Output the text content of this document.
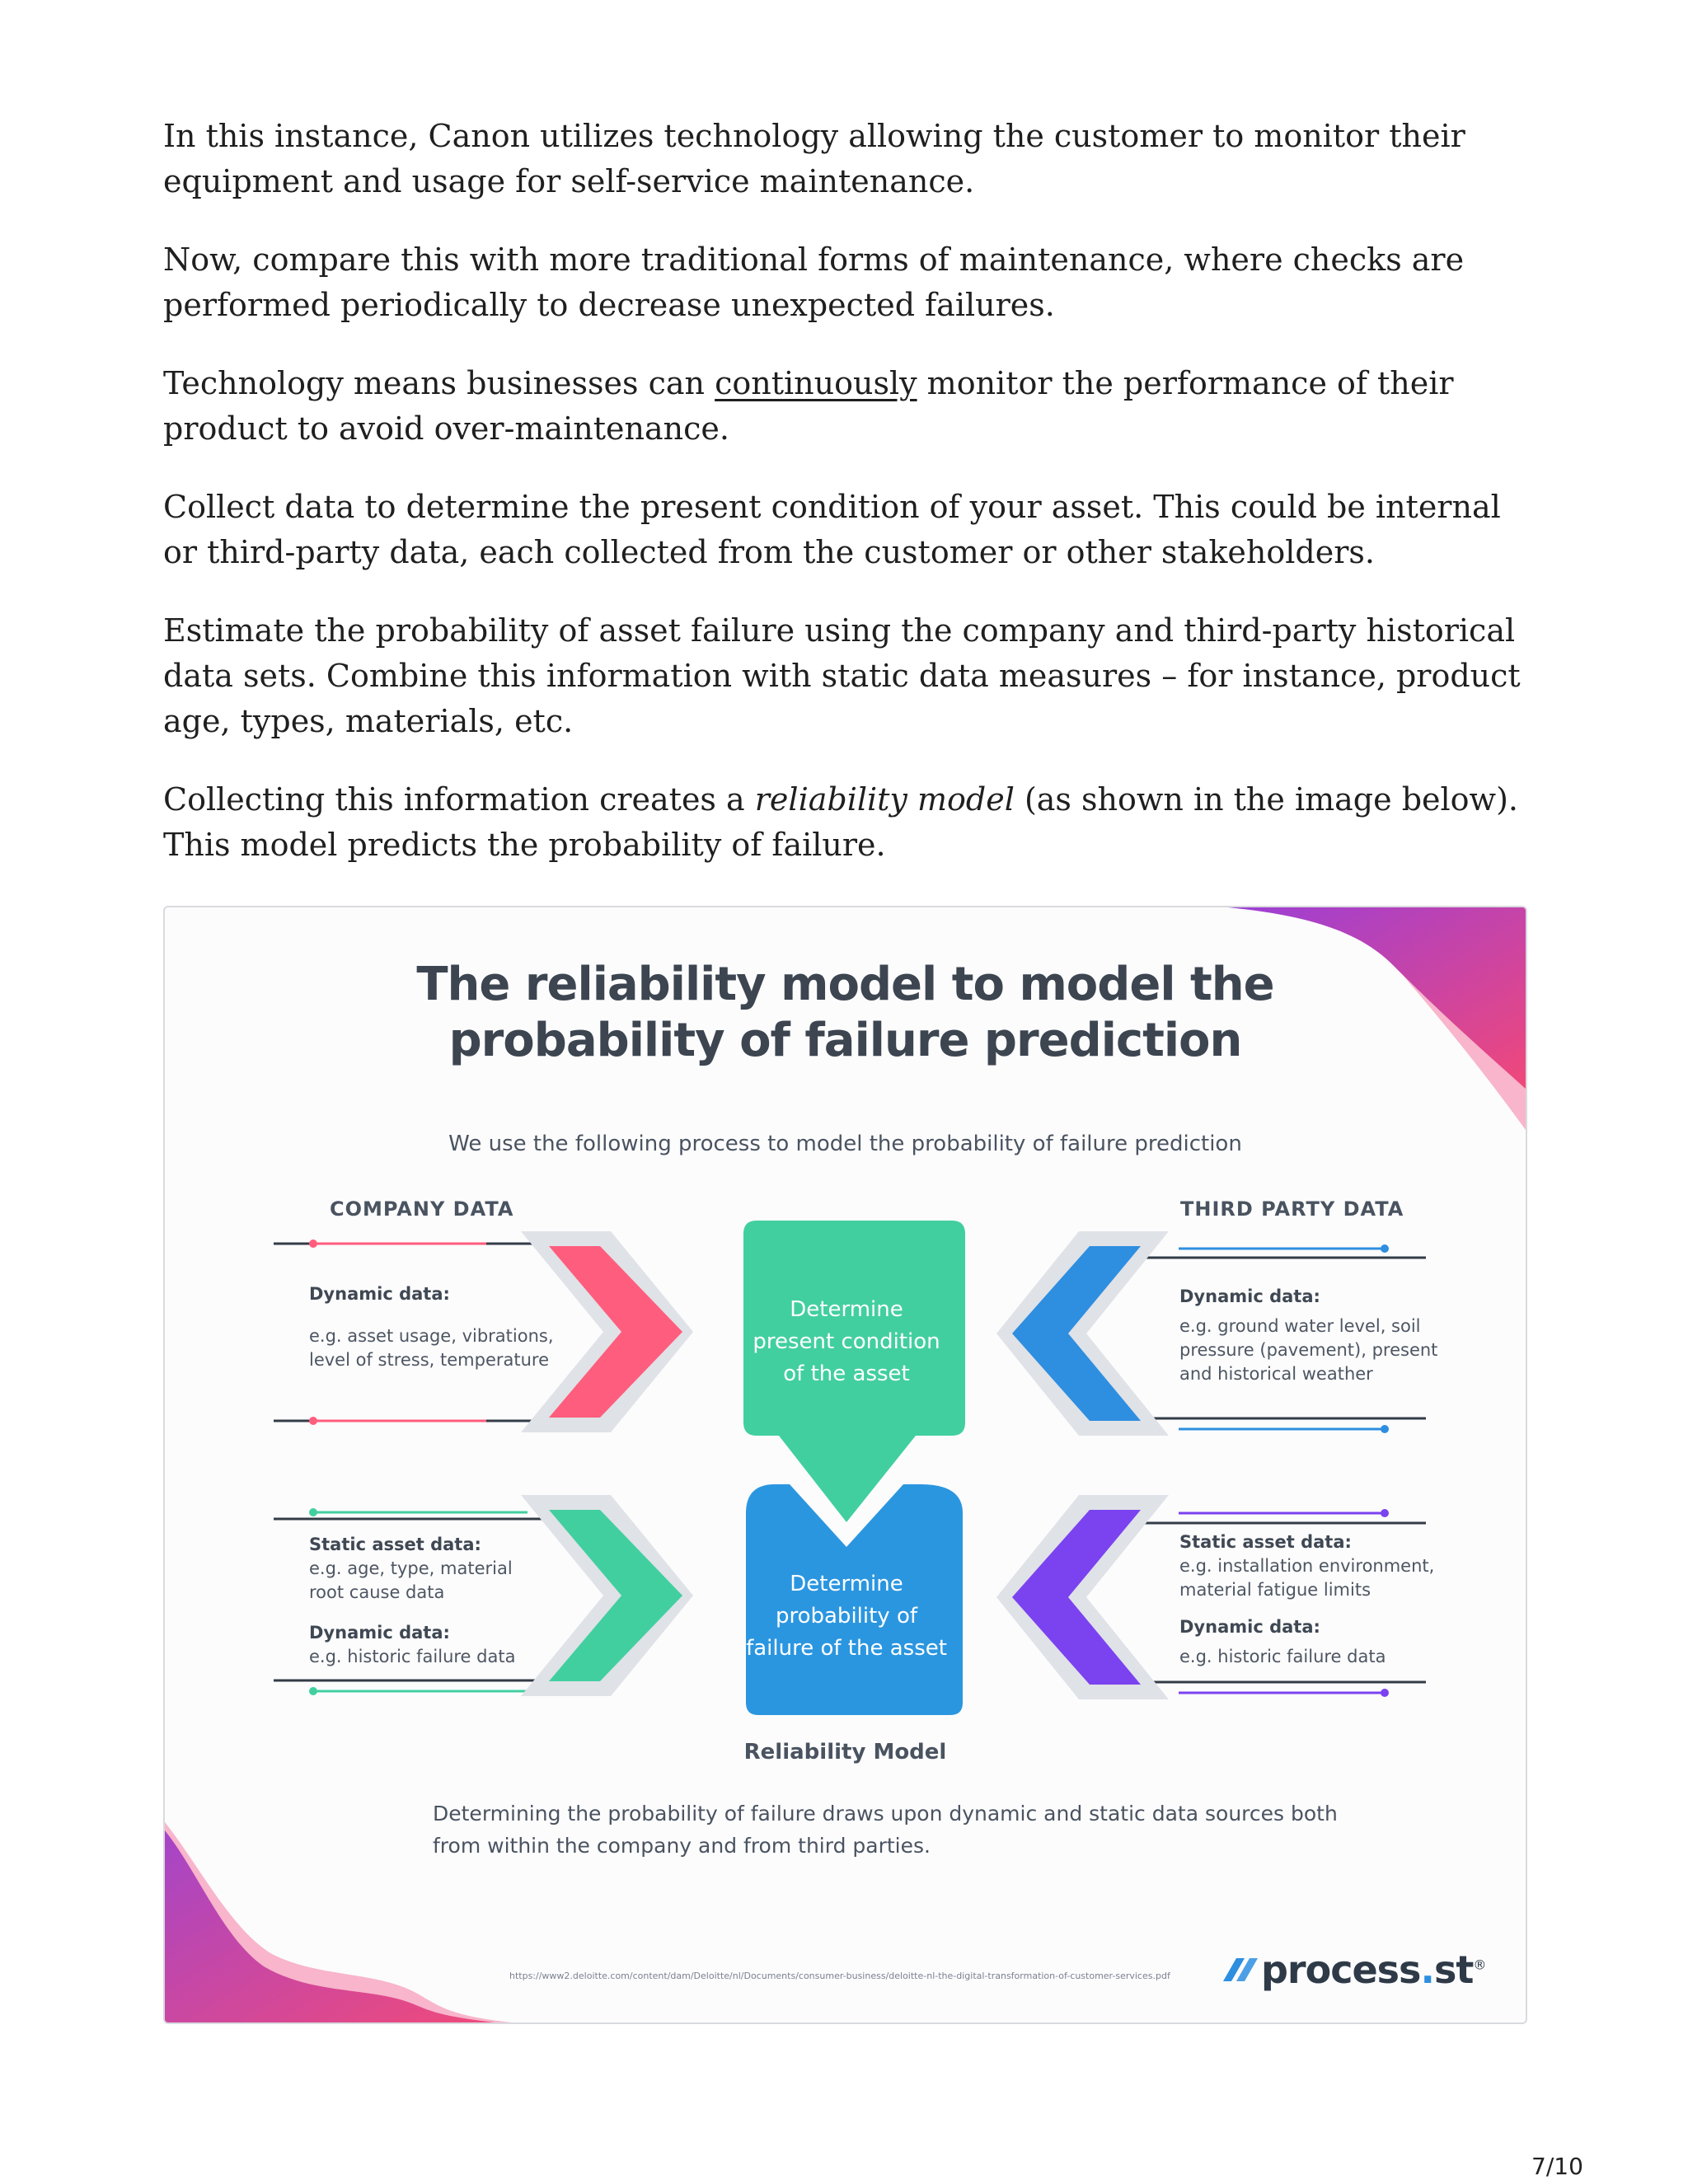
In this instance, Canon utilizes technology allowing the customer to monitor their equipment and usage for self-service maintenance.

Now, compare this with more traditional forms of maintenance, where checks are performed periodically to decrease unexpected failures.

Technology means businesses can continuously monitor the performance of their product to avoid over-maintenance.

Collect data to determine the present condition of your asset. This could be internal or third-party data, each collected from the customer or other stakeholders.

Estimate the probability of asset failure using the company and third-party historical data sets. Combine this information with static data measures – for instance, product age, types, materials, etc.

Collecting this information creates a reliability model (as shown in the image below). This model predicts the probability of failure.

The reliability model to model the
probability of failure prediction
We use the following process to model the probability of failure prediction
COMPANY DATA	THIRD PARTY DATA
Dynamic data:
e.g. asset usage, vibrations,
level of stress, temperature
Static asset data:
e.g. age, type, material
root cause data
Dynamic data:
e.g. historic failure data
Dynamic data:
e.g. ground water level, soil
pressure (pavement), present
and historical weather
Static asset data:
e.g. installation environment,
material fatigue limits
Dynamic data:
e.g. historic failure data
Determine
present condition
of the asset
Determine
probability of
failure of the asset
Reliability Model
Determining the probability of failure draws upon dynamic and static data sources both
from within the company and from third parties.
https://www2.deloitte.com/content/dam/Deloitte/nl/Documents/consumer-business/deloitte-nl-the-digital-transformation-of-customer-services.pdf process.st®
7/10
